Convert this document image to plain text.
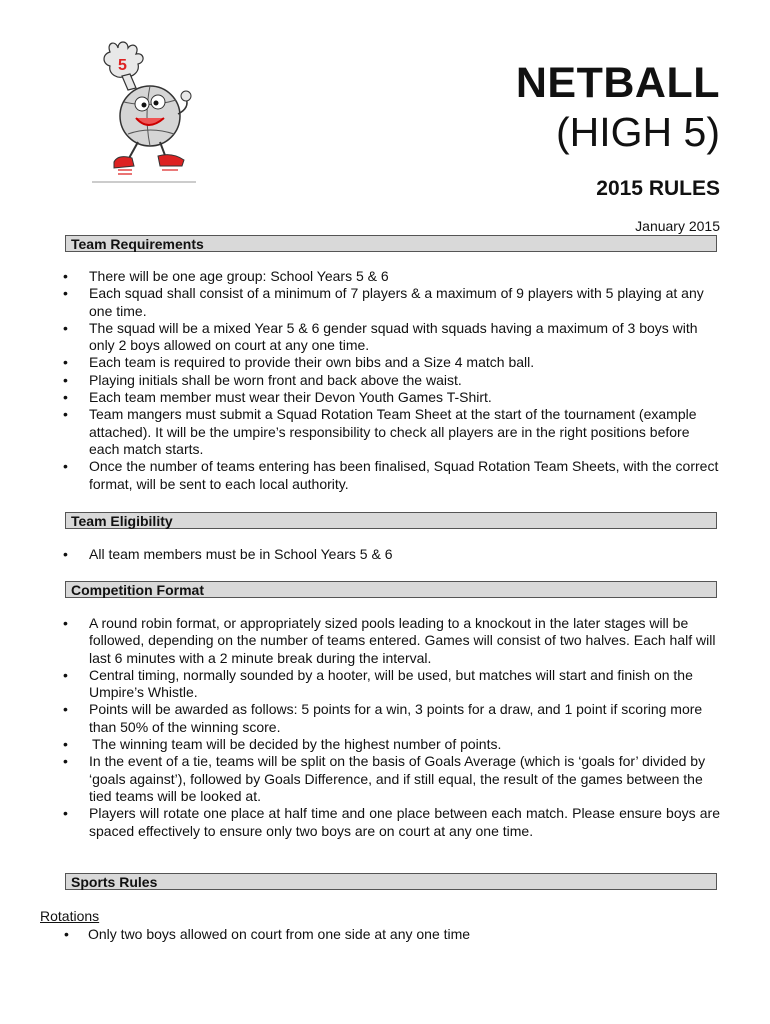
5	NETBALL
(HIGH 5)
2015 RULES
January 2015
Team Requirements
• There will be one age group: School Years 5 & 6
• Each squad shall consist of a minimum of 7 players & a maximum of 9 players with 5 playing at any one time.
• The squad will be a mixed Year 5 & 6 gender squad with squads having a maximum of 3 boys with only 2 boys allowed on court at any one time.
• Each team is required to provide their own bibs and a Size 4 match ball.
• Playing initials shall be worn front and back above the waist.
• Each team member must wear their Devon Youth Games T-Shirt.
• Team mangers must submit a Squad Rotation Team Sheet at the start of the tournament (example attached). It will be the umpire’s responsibility to check all players are in the right positions before each match starts.
• Once the number of teams entering has been finalised, Squad Rotation Team Sheets, with the correct format, will be sent to each local authority.
Team Eligibility
• All team members must be in School Years 5 & 6
Competition Format
• A round robin format, or appropriately sized pools leading to a knockout in the later stages will be followed, depending on the number of teams entered. Games will consist of two halves. Each half will last 6 minutes with a 2 minute break during the interval.
• Central timing, normally sounded by a hooter, will be used, but matches will start and finish on the Umpire’s Whistle.
• Points will be awarded as follows: 5 points for a win, 3 points for a draw, and 1 point if scoring more than 50% of the winning score.
• The winning team will be decided by the highest number of points.
• In the event of a tie, teams will be split on the basis of Goals Average (which is ‘goals for’ divided by ‘goals against’), followed by Goals Difference, and if still equal, the result of the games between the tied teams will be looked at.
• Players will rotate one place at half time and one place between each match. Please ensure boys are spaced effectively to ensure only two boys are on court at any one time.
Sports Rules
Rotations
• Only two boys allowed on court from one side at any one time
